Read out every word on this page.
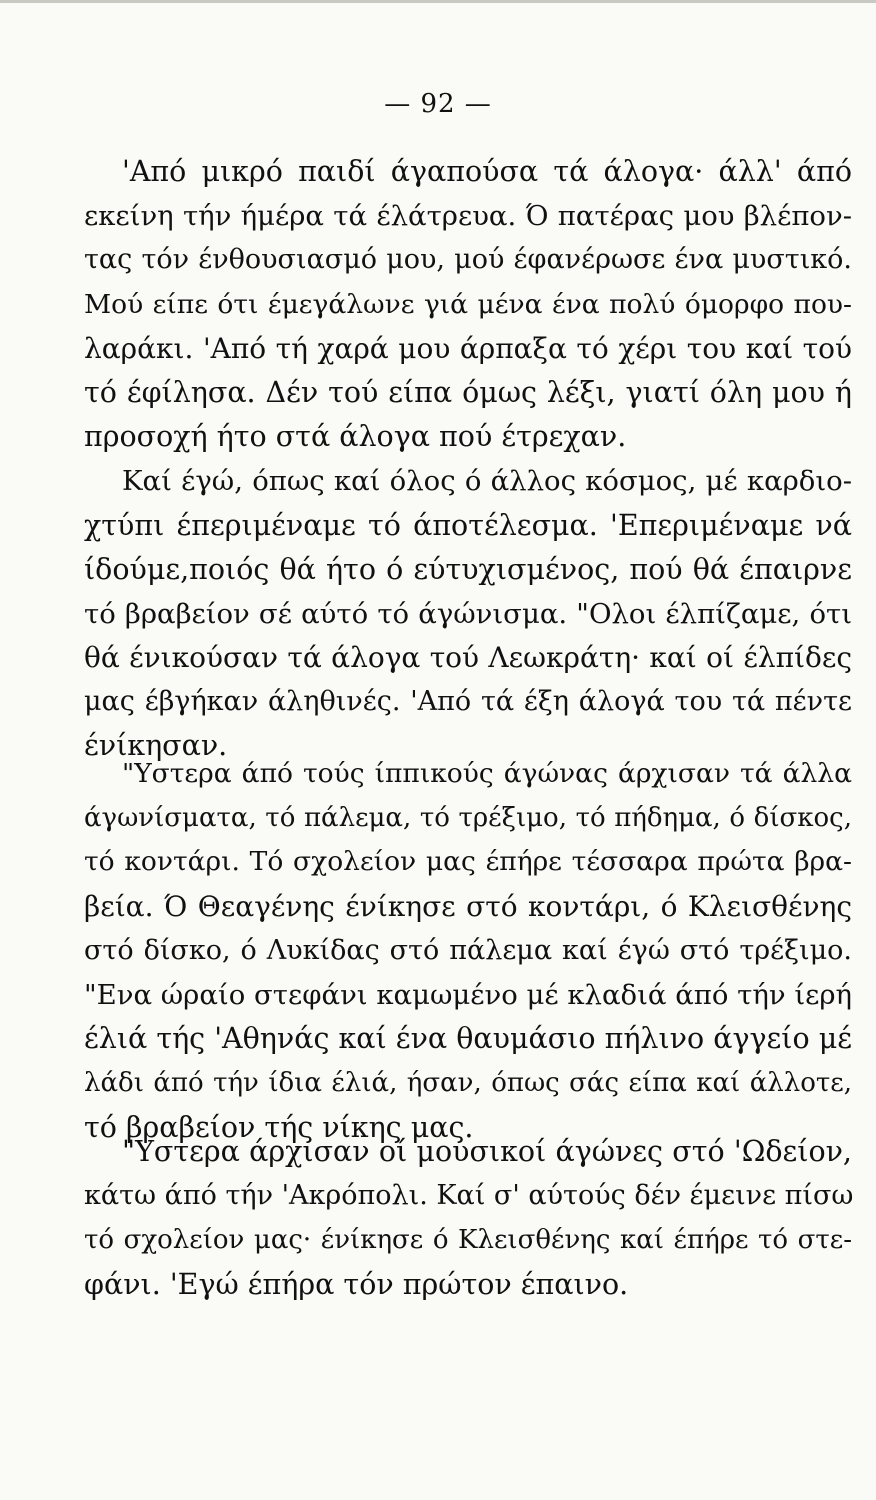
— 92 —
'Από μικρό παιδί άγαπούσα τά άλογα· άλλ' άπό
εκείνη τήν ήμέρα τά έλάτρευα. Ό πατέρας μου βλέπον-
τας τόν ένθουσιασμό μου, μού έφανέρωσε ένα μυστικό.
Μού είπε ότι έμεγάλωνε γιά μένα ένα πολύ όμορφο που-
λαράκι. 'Από τή χαρά μου άρπαξα τό χέρι του καί τού
τό έφίλησα. Δέν τού είπα όμως λέξι, γιατί όλη μου ή
προσοχή ήτο στά άλογα πού έτρεχαν.
Καί έγώ, όπως καί όλος ό άλλος κόσμος, μέ καρδιο-
χτύπι έπεριμέναμε τό άποτέλεσμα. 'Επεριμέναμε νά
ίδούμε,ποιός θά ήτο ό εύτυχισμένος, πού θά έπαιρνε
τό βραβείον σέ αύτό τό άγώνισμα. "Ολοι έλπίζαμε, ότι
θά ένικούσαν τά άλογα τού Λεωκράτη· καί οί έλπίδες
μας έβγήκαν άληθινές. 'Από τά έξη άλογά του τά πέντε
ένίκησαν.
"Υστερα άπό τούς ίππικούς άγώνας άρχισαν τά άλλα
άγωνίσματα, τό πάλεμα, τό τρέξιμο, τό πήδημα, ό δίσκος,
τό κοντάρι. Τό σχολείον μας έπήρε τέσσαρα πρώτα βρα-
βεία. Ό Θεαγένης ένίκησε στό κοντάρι, ό Κλεισθένης
στό δίσκο, ό Λυκίδας στό πάλεμα καί έγώ στό τρέξιμο.
"Ενα ώραίο στεφάνι καμωμένο μέ κλαδιά άπό τήν ίερή
έλιά τής 'Αθηνάς καί ένα θαυμάσιο πήλινο άγγείο μέ
λάδι άπό τήν ίδια έλιά, ήσαν, όπως σάς είπα καί άλλοτε,
τό βραβείον τής νίκης μας.
"Υστερα άρχισαν οί μουσικοί άγώνες στό 'Ωδείον,
κάτω άπό τήν 'Ακρόπολι. Καί σ' αύτούς δέν έμεινε πίσω
τό σχολείον μας· ένίκησε ό Κλεισθένης καί έπήρε τό στε-
φάνι. 'Εγώ έπήρα τόν πρώτον έπαινο.
